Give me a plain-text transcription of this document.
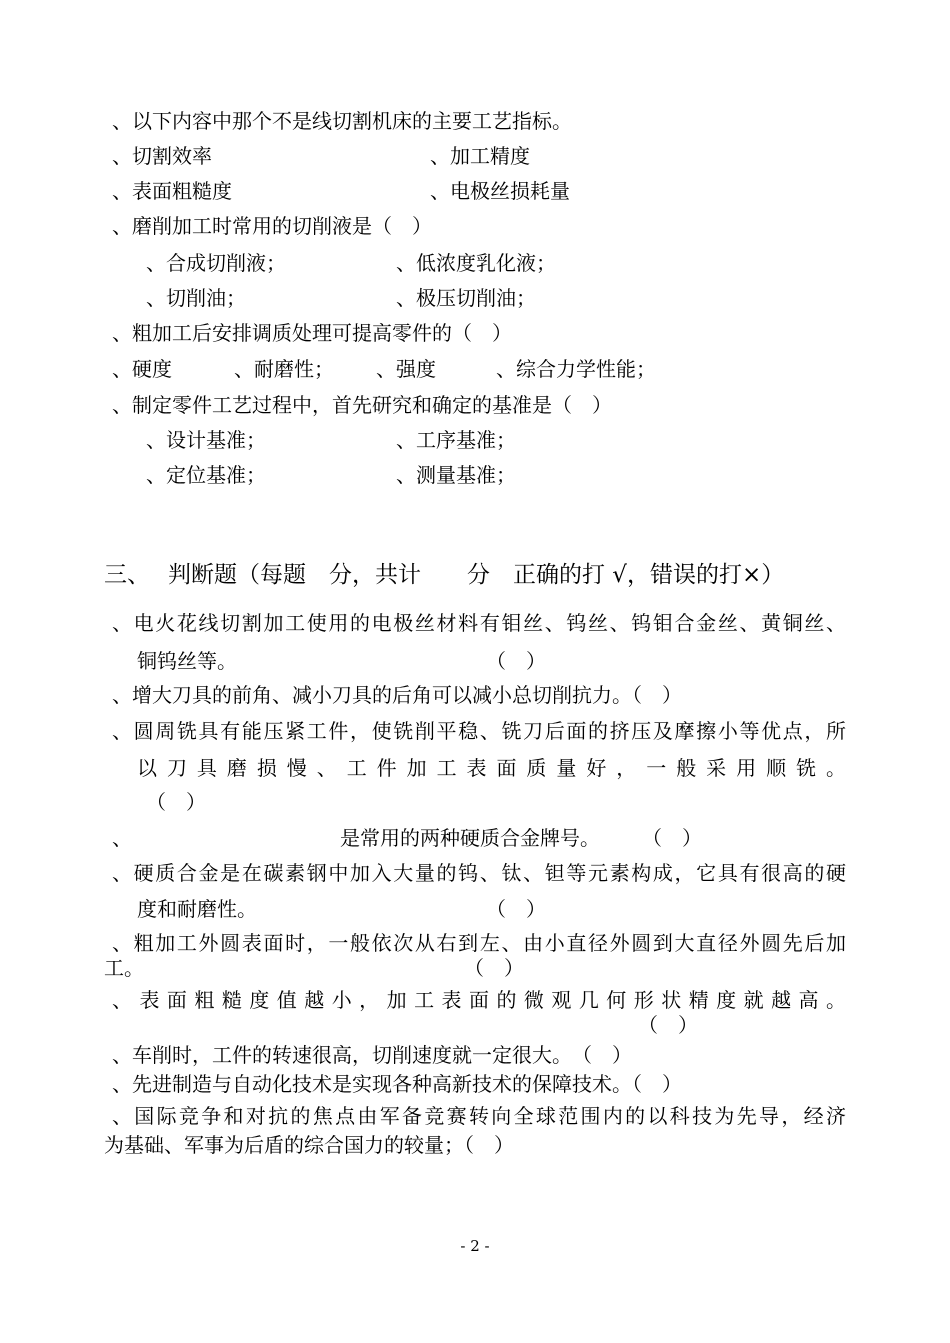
、以下内容中那个不是线切割机床的主要工艺指标。
、切割效率	、加工精度
、表面粗糙度	、电极丝损耗量
、磨削加工时常用的切削液是（　）
、合成切削液；	、低浓度乳化液；
、切削油；	、极压切削油；
、粗加工后安排调质处理可提高零件的（　）
、硬度	、耐磨性； 、强度	、综合力学性能；
、制定零件工艺过程中，首先研究和确定的基准是（　）
、设计基准；	、工序基准；
、定位基准；	、测量基准；
三、 判断题（每题　分，共计　　分　正确的打 √，错误的打×）
、电火花线切割加工使用的电极丝材料有钼丝、钨丝、钨钼合金丝、黄铜丝、
铜钨丝等。	（　）
、增大刀具的前角、减小刀具的后角可以减小总切削抗力。（　）
、圆周铣具有能压紧工件，使铣削平稳、铣刀后面的挤压及摩擦小等优点，所
以刀具磨损慢、工件加工表面质量好，一般采用顺铣。
（　）
、	是常用的两种硬质合金牌号。 （　）
、硬质合金是在碳素钢中加入大量的钨、钛、钽等元素构成，它具有很高的硬
度和耐磨性。	（　）
、粗加工外圆表面时，一般依次从右到左、由小直径外圆到大直径外圆先后加
工。	（　）
、表面粗糙度值越小，加工表面的微观几何形状精度就越高。
（　）
、车削时，工件的转速很高，切削速度就一定很大。　（　）
、先进制造与自动化技术是实现各种高新技术的保障技术。（　）
、国际竞争和对抗的焦点由军备竞赛转向全球范围内的以科技为先导，经济
为基础、军事为后盾的综合国力的较量；（　）
- 2 -
